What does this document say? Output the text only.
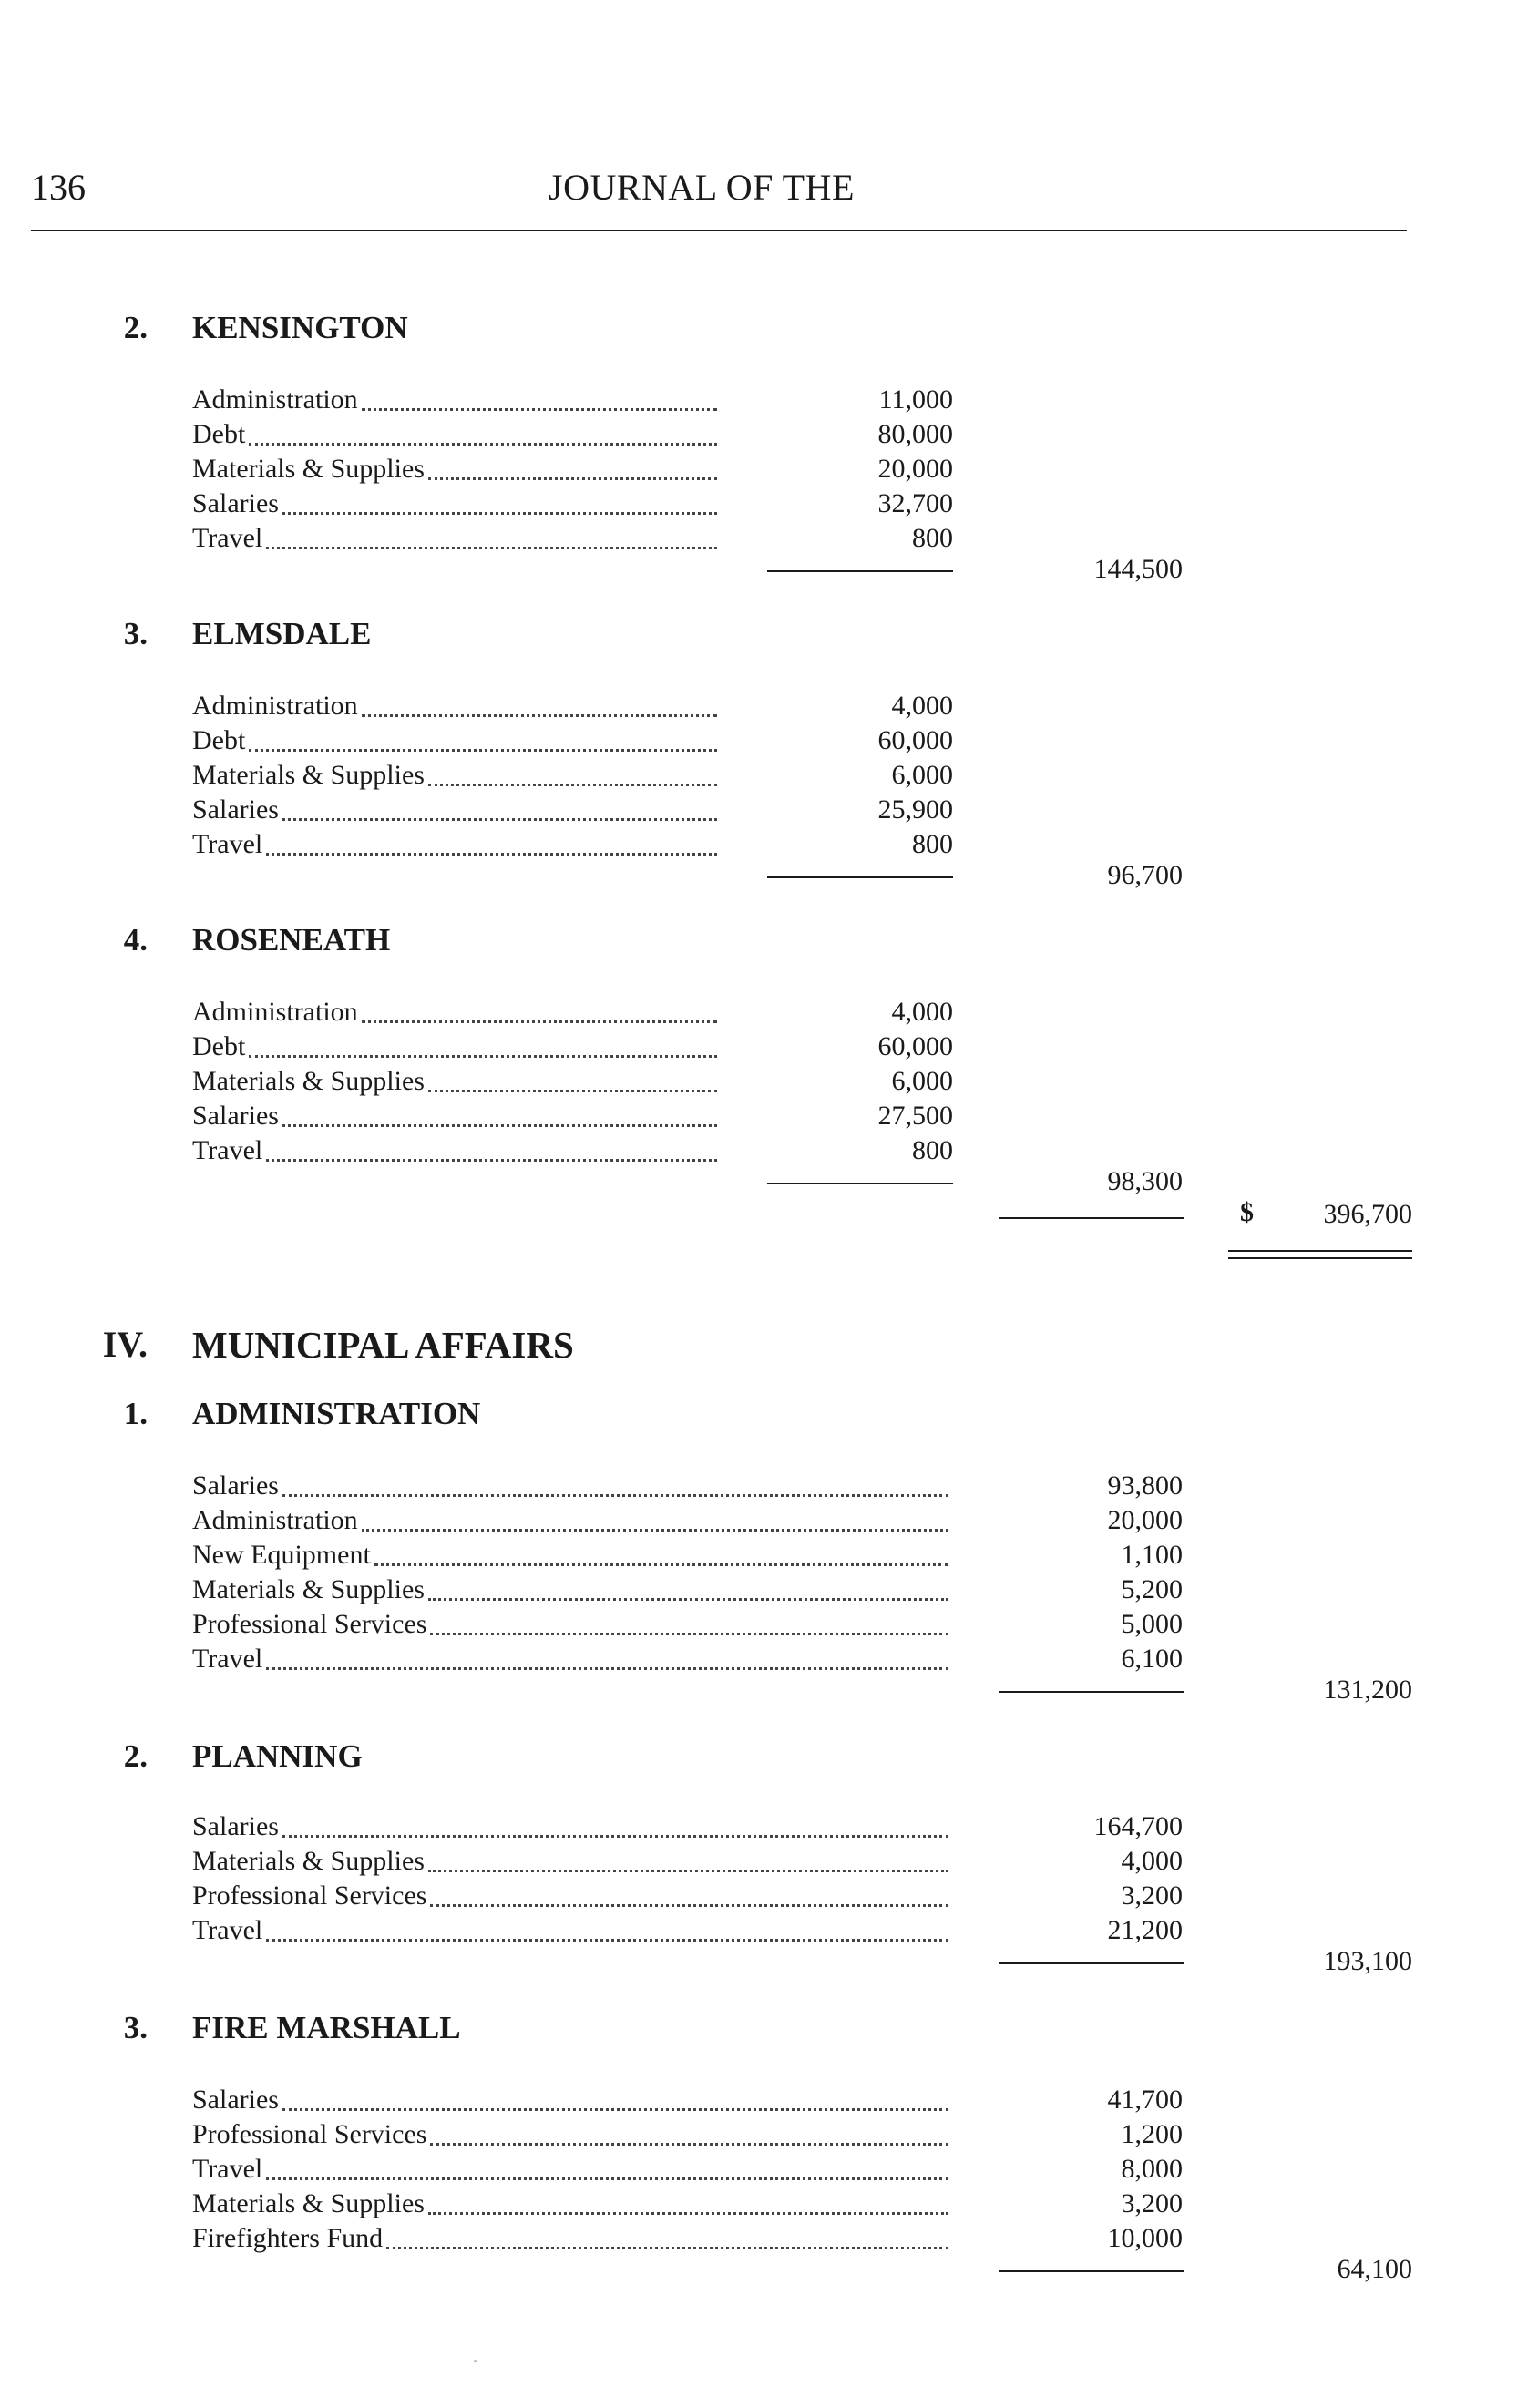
136	JOURNAL OF THE
2. KENSINGTON
Administration	11,000
Debt	80,000
Materials & Supplies	20,000
Salaries	32,700
Travel	800
144,500
3. ELMSDALE
Administration	4,000
Debt	60,000
Materials & Supplies	6,000
Salaries	25,900
Travel	800
96,700
4. ROSENEATH
Administration	4,000
Debt	60,000
Materials & Supplies	6,000
Salaries	27,500
Travel	800
98,300
$	396,700
IV. MUNICIPAL AFFAIRS
1. ADMINISTRATION
Salaries	93,800
Administration	20,000
New Equipment	1,100
Materials & Supplies	5,200
Professional Services	5,000
Travel	6,100
131,200
2. PLANNING
Salaries	164,700
Materials & Supplies	4,000
Professional Services	3,200
Travel	21,200
193,100
3. FIRE MARSHALL
Salaries	41,700
Professional Services	1,200
Travel	8,000
Materials & Supplies	3,200
Firefighters Fund	10,000
64,100
